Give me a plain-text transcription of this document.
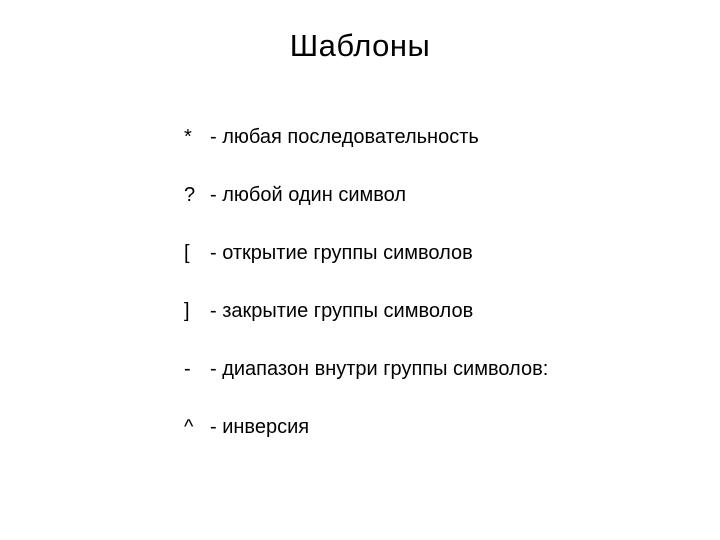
Шаблоны
* - любая последовательность
? - любой один символ
[	- открытие группы символов
]	- закрытие группы символов
- - диапазон внутри группы символов:
^ - инверсия
